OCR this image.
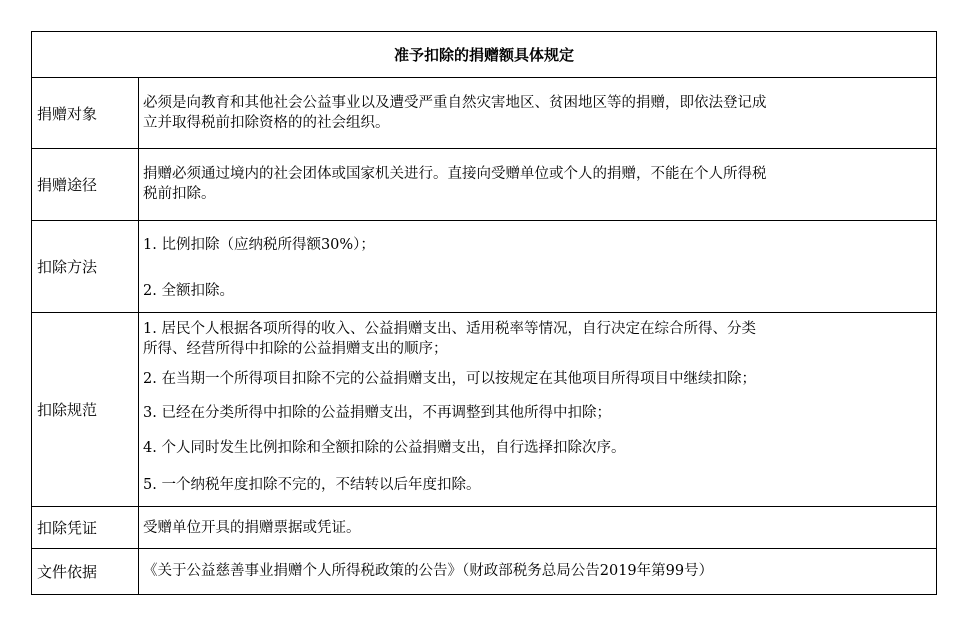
准予扣除的捐赠额具体规定
捐赠对象
必须是向教育和其他社会公益事业以及遭受严重自然灾害地区、贫困地区等的捐赠，即依法登记成
立并取得税前扣除资格的的社会组织。
捐赠途径
捐赠必须通过境内的社会团体或国家机关进行。直接向受赠单位或个人的捐赠，不能在个人所得税
税前扣除。
扣除方法
1. 比例扣除（应纳税所得额30%）；
2. 全额扣除。
扣除规范
1. 居民个人根据各项所得的收入、公益捐赠支出、适用税率等情况，自行决定在综合所得、分类
所得、经营所得中扣除的公益捐赠支出的顺序；
2. 在当期一个所得项目扣除不完的公益捐赠支出，可以按规定在其他项目所得项目中继续扣除；
3. 已经在分类所得中扣除的公益捐赠支出，不再调整到其他所得中扣除；
4. 个人同时发生比例扣除和全额扣除的公益捐赠支出，自行选择扣除次序。
5. 一个纳税年度扣除不完的，不结转以后年度扣除。
扣除凭证	受赠单位开具的捐赠票据或凭证。
文件依据	《关于公益慈善事业捐赠个人所得税政策的公告》（财政部税务总局公告2019年第99号）
